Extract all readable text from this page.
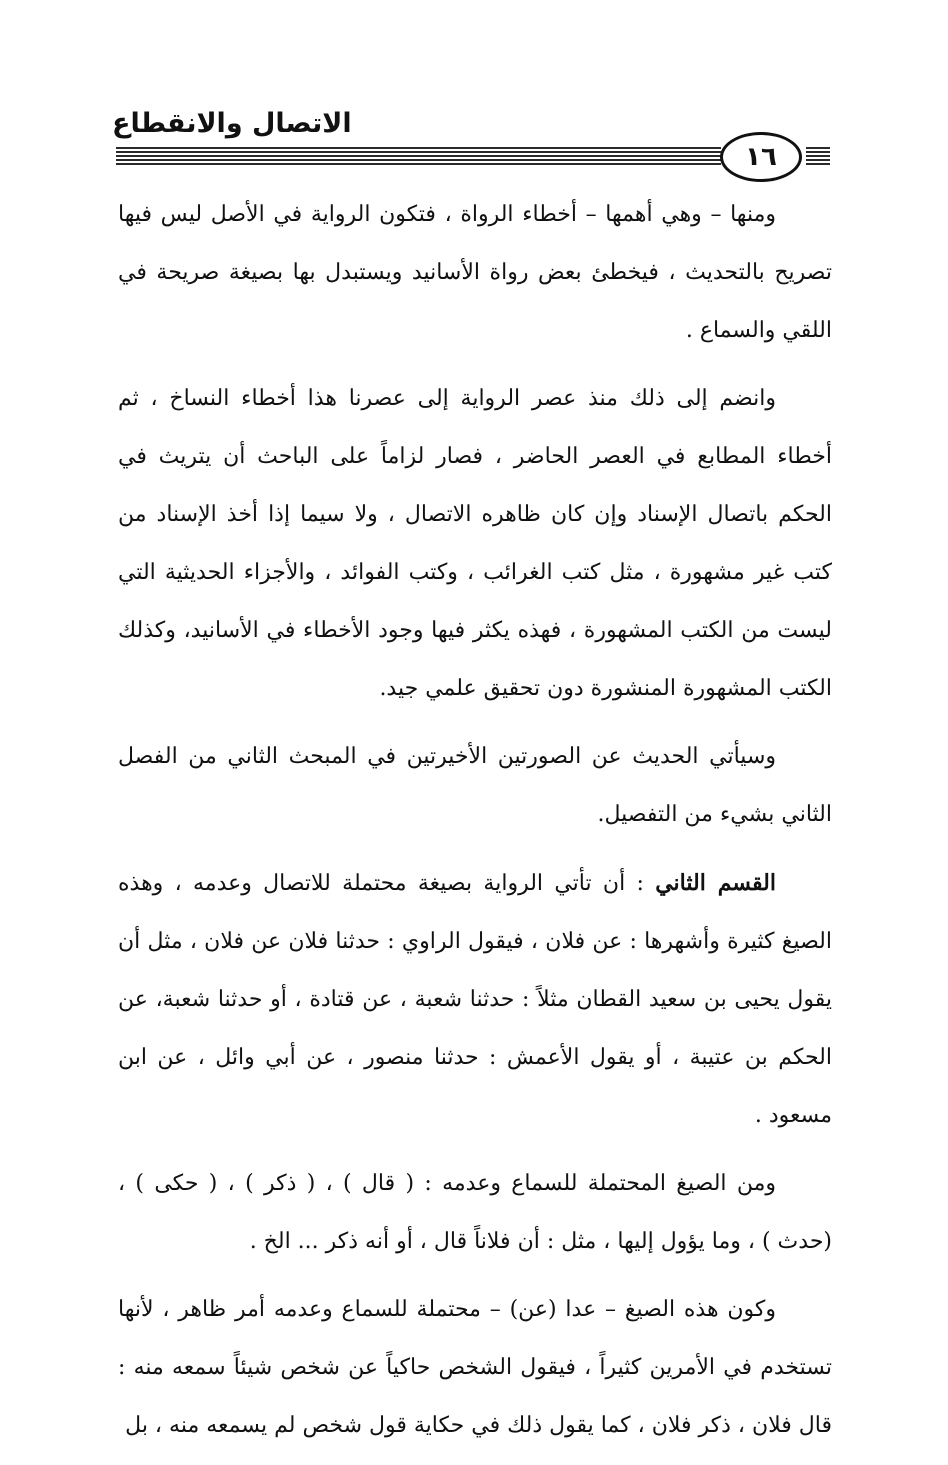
الاتصال والانقطاع
١٦

ومنها – وهي أهمها – أخطاء الرواة ، فتكون الرواية في الأصل ليس فيها تصريح بالتحديث ، فيخطئ بعض رواة الأسانيد ويستبدل بها بصيغة صريحة في اللقي والسماع .

وانضم إلى ذلك منذ عصر الرواية إلى عصرنا هذا أخطاء النساخ ، ثم أخطاء المطابع في العصر الحاضر ، فصار لزاماً على الباحث أن يتريث في الحكم باتصال الإسناد وإن كان ظاهره الاتصال ، ولا سيما إذا أخذ الإسناد من كتب غير مشهورة ، مثل كتب الغرائب ، وكتب الفوائد ، والأجزاء الحديثية التي ليست من الكتب المشهورة ، فهذه يكثر فيها وجود الأخطاء في الأسانيد، وكذلك الكتب المشهورة المنشورة دون تحقيق علمي جيد.

وسيأتي الحديث عن الصورتين الأخيرتين في المبحث الثاني من الفصل الثاني بشيء من التفصيل.

القسم الثاني : أن تأتي الرواية بصيغة محتملة للاتصال وعدمه ، وهذه الصيغ كثيرة وأشهرها : عن فلان ، فيقول الراوي : حدثنا فلان عن فلان ، مثل أن يقول يحيى بن سعيد القطان مثلاً : حدثنا شعبة ، عن قتادة ، أو حدثنا شعبة، عن الحكم بن عتيبة ، أو يقول الأعمش : حدثنا منصور ، عن أبي وائل ، عن ابن مسعود .

ومن الصيغ المحتملة للسماع وعدمه : ( قال ) ، ( ذكر ) ، ( حكى ) ، (حدث ) ، وما يؤول إليها ، مثل : أن فلاناً قال ، أو أنه ذكر ... الخ .

وكون هذه الصيغ – عدا (عن) – محتملة للسماع وعدمه أمر ظاهر ، لأنها تستخدم في الأمرين كثيراً ، فيقول الشخص حاكياً عن شخص شيئاً سمعه منه : قال فلان ، ذكر فلان ، كما يقول ذلك في حكاية قول شخص لم يسمعه منه ، بل
